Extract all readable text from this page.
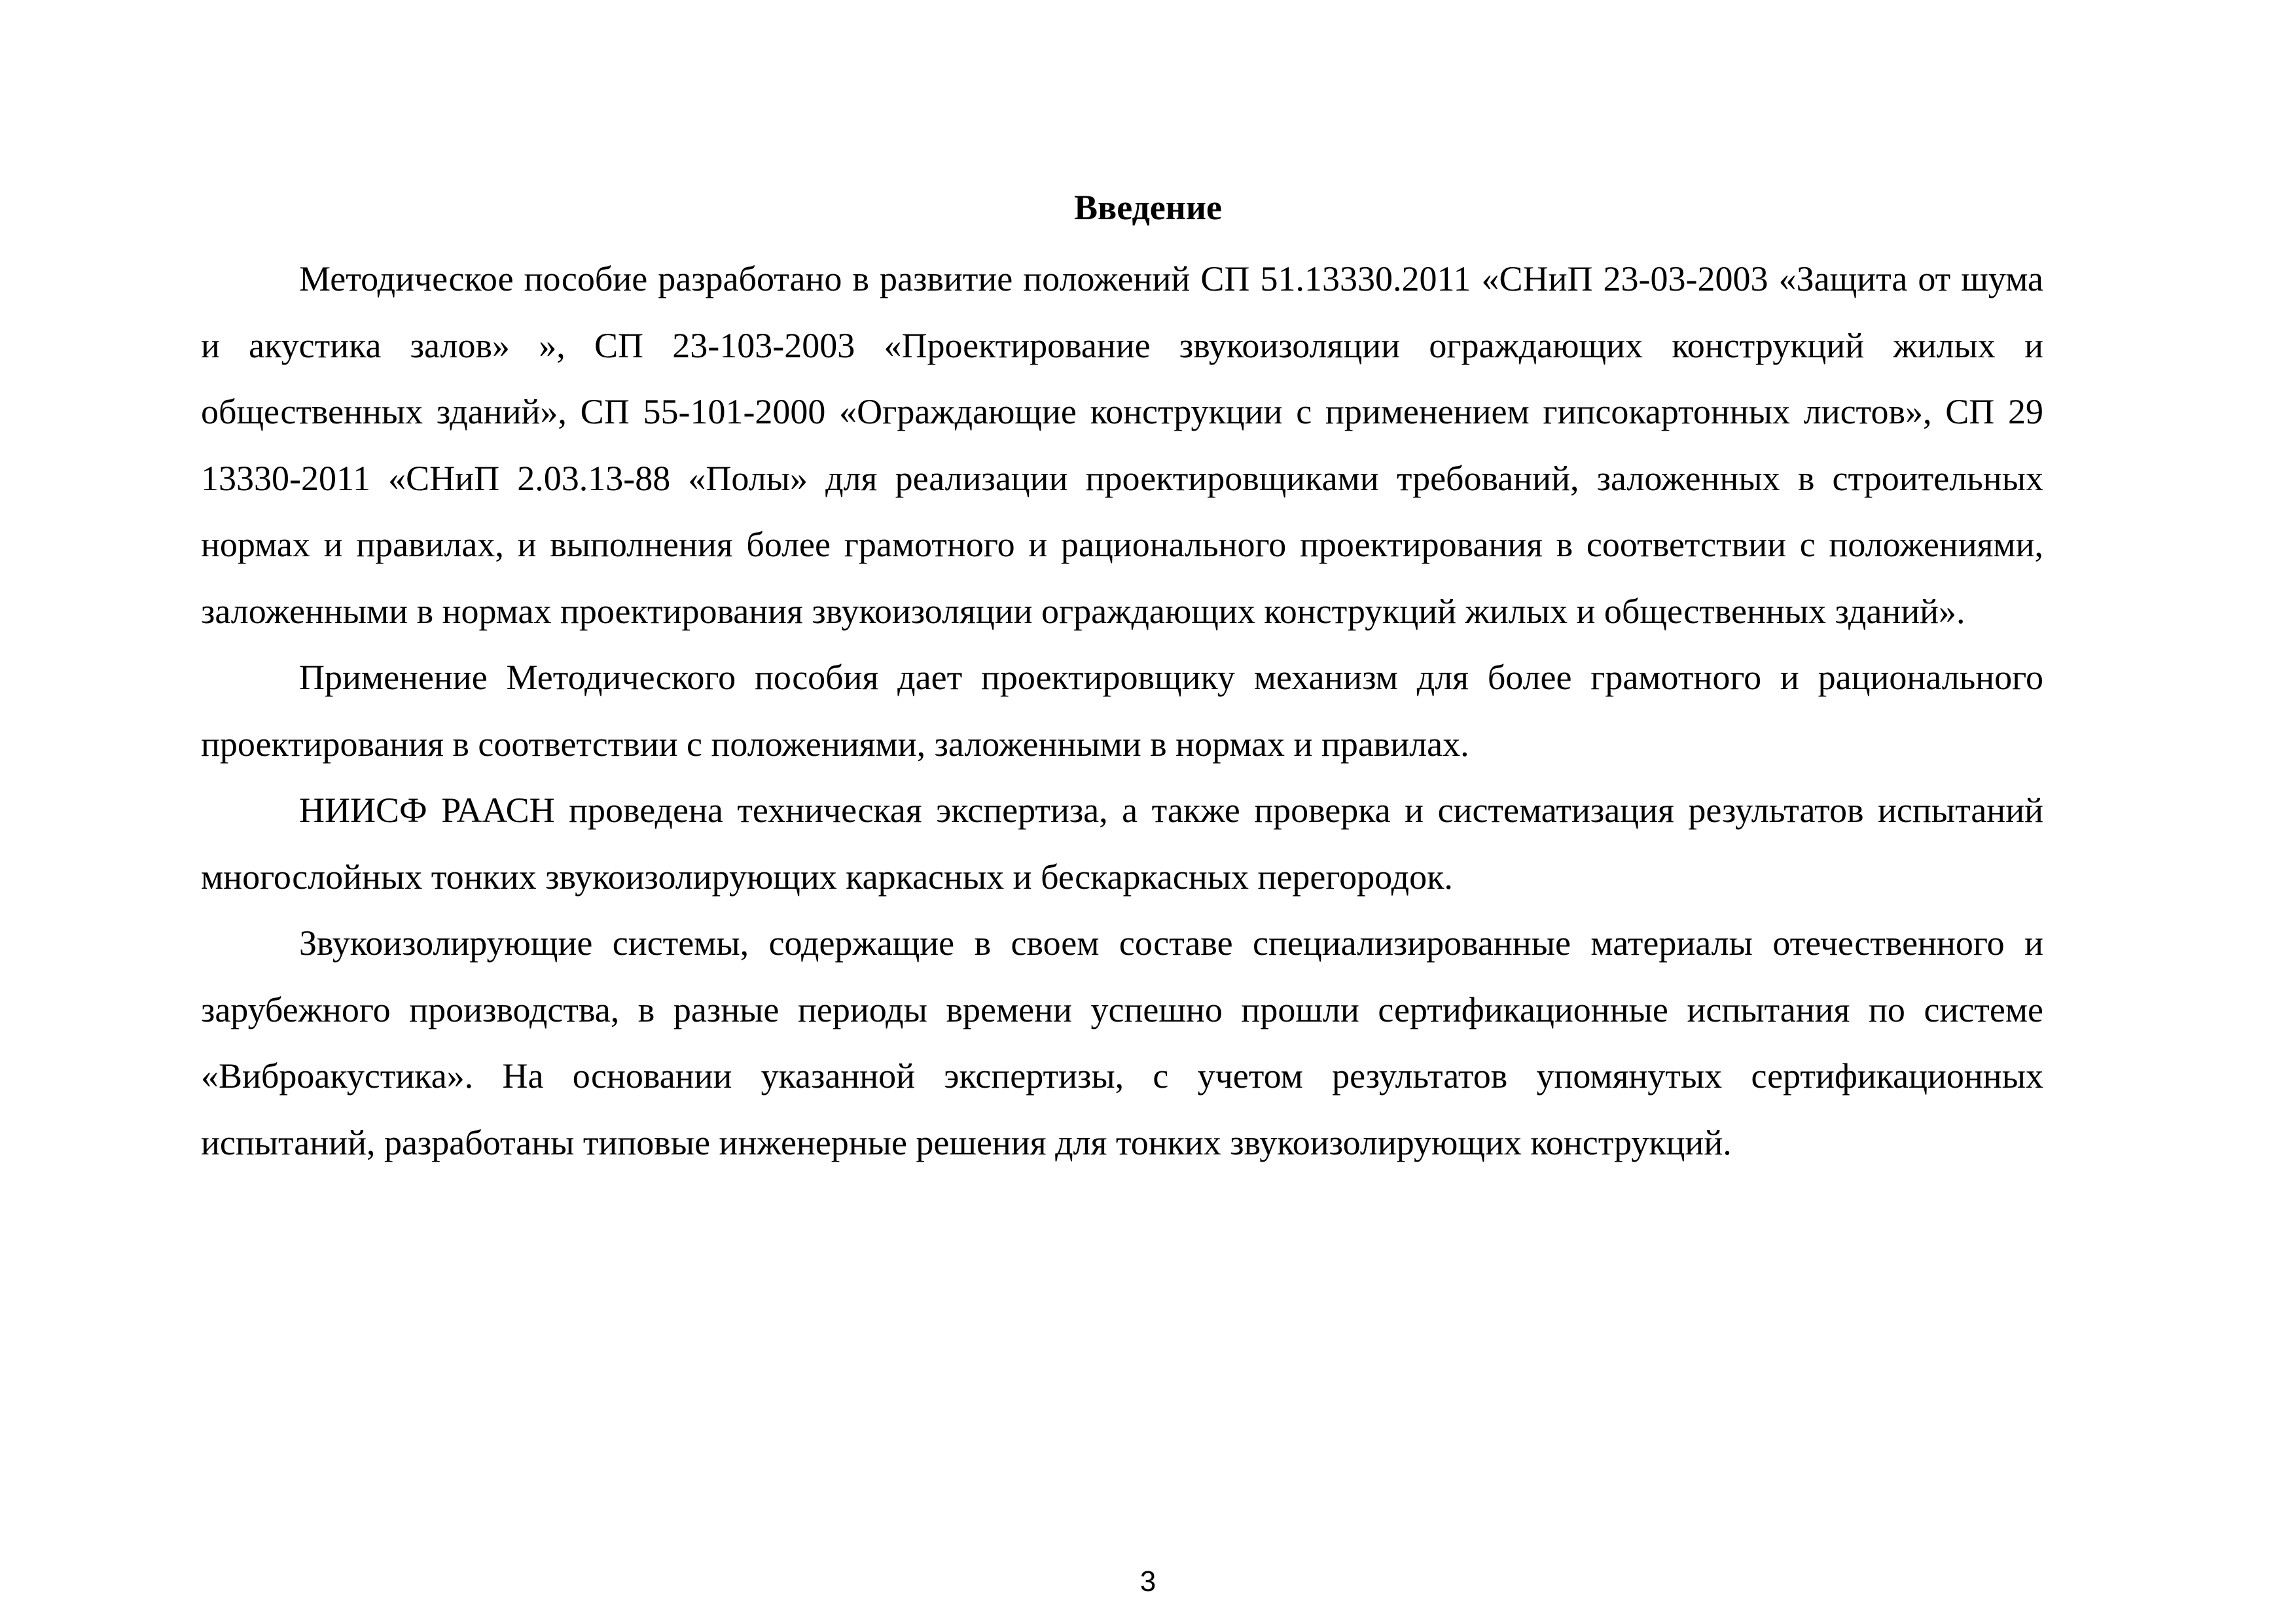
Введение

Методическое пособие разработано в развитие положений СП 51.13330.2011 «СНиП 23-03-2003 «Защита от шума и акустика залов» », СП 23-103-2003 «Проектирование звукоизоляции ограждающих конструкций жилых и общественных зданий», СП 55-101-2000 «Ограждающие конструкции с применением гипсокартонных листов», СП 29 13330-2011 «СНиП 2.03.13-88 «Полы» для реализации проектировщиками требований, заложенных в строительных нормах и правилах, и выполнения более грамотного и рационального проектирования в соответствии с положениями, заложенными в нормах проектирования звукоизоляции ограждающих конструкций жилых и общественных зданий».

Применение Методического пособия дает проектировщику механизм для более грамотного и рационального проектирования в соответствии с положениями, заложенными в нормах и правилах.

НИИСФ РААСН проведена техническая экспертиза, а также проверка и систематизация результатов испытаний многослойных тонких звукоизолирующих каркасных и бескаркасных перегородок.

Звукоизолирующие системы, содержащие в своем составе специализированные материалы отечественного и зарубежного производства, в разные периоды времени успешно прошли сертификационные испытания по системе «Виброакустика». На основании указанной экспертизы, с учетом результатов упомянутых сертификационных испытаний, разработаны типовые инженерные решения для тонких звукоизолирующих конструкций.

3
